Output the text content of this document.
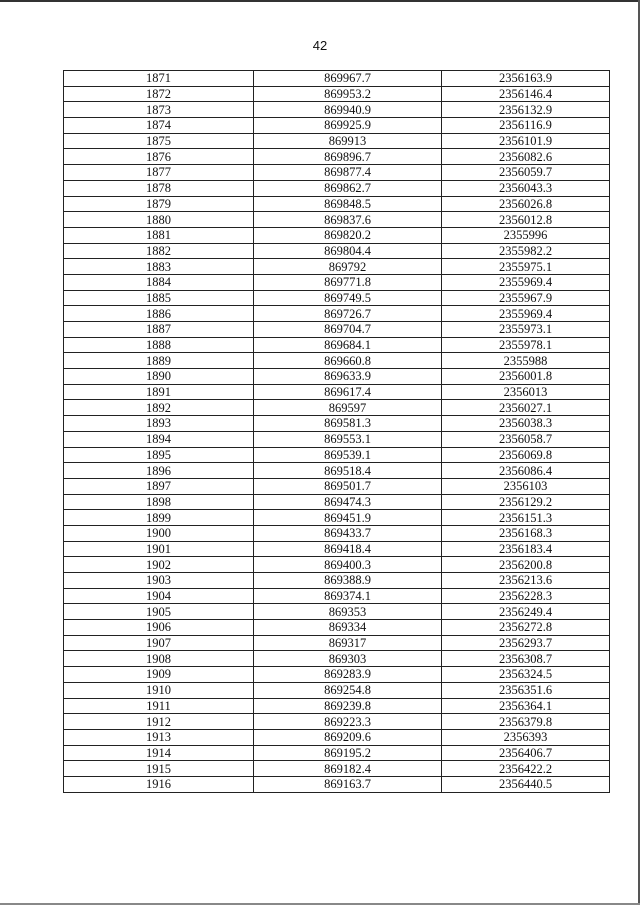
42
1871	869967.7	2356163.9
1872	869953.2	2356146.4
1873	869940.9	2356132.9
1874	869925.9	2356116.9
1875	869913	2356101.9
1876	869896.7	2356082.6
1877	869877.4	2356059.7
1878	869862.7	2356043.3
1879	869848.5	2356026.8
1880	869837.6	2356012.8
1881	869820.2	2355996
1882	869804.4	2355982.2
1883	869792	2355975.1
1884	869771.8	2355969.4
1885	869749.5	2355967.9
1886	869726.7	2355969.4
1887	869704.7	2355973.1
1888	869684.1	2355978.1
1889	869660.8	2355988
1890	869633.9	2356001.8
1891	869617.4	2356013
1892	869597	2356027.1
1893	869581.3	2356038.3
1894	869553.1	2356058.7
1895	869539.1	2356069.8
1896	869518.4	2356086.4
1897	869501.7	2356103
1898	869474.3	2356129.2
1899	869451.9	2356151.3
1900	869433.7	2356168.3
1901	869418.4	2356183.4
1902	869400.3	2356200.8
1903	869388.9	2356213.6
1904	869374.1	2356228.3
1905	869353	2356249.4
1906	869334	2356272.8
1907	869317	2356293.7
1908	869303	2356308.7
1909	869283.9	2356324.5
1910	869254.8	2356351.6
1911	869239.8	2356364.1
1912	869223.3	2356379.8
1913	869209.6	2356393
1914	869195.2	2356406.7
1915	869182.4	2356422.2
1916	869163.7	2356440.5
